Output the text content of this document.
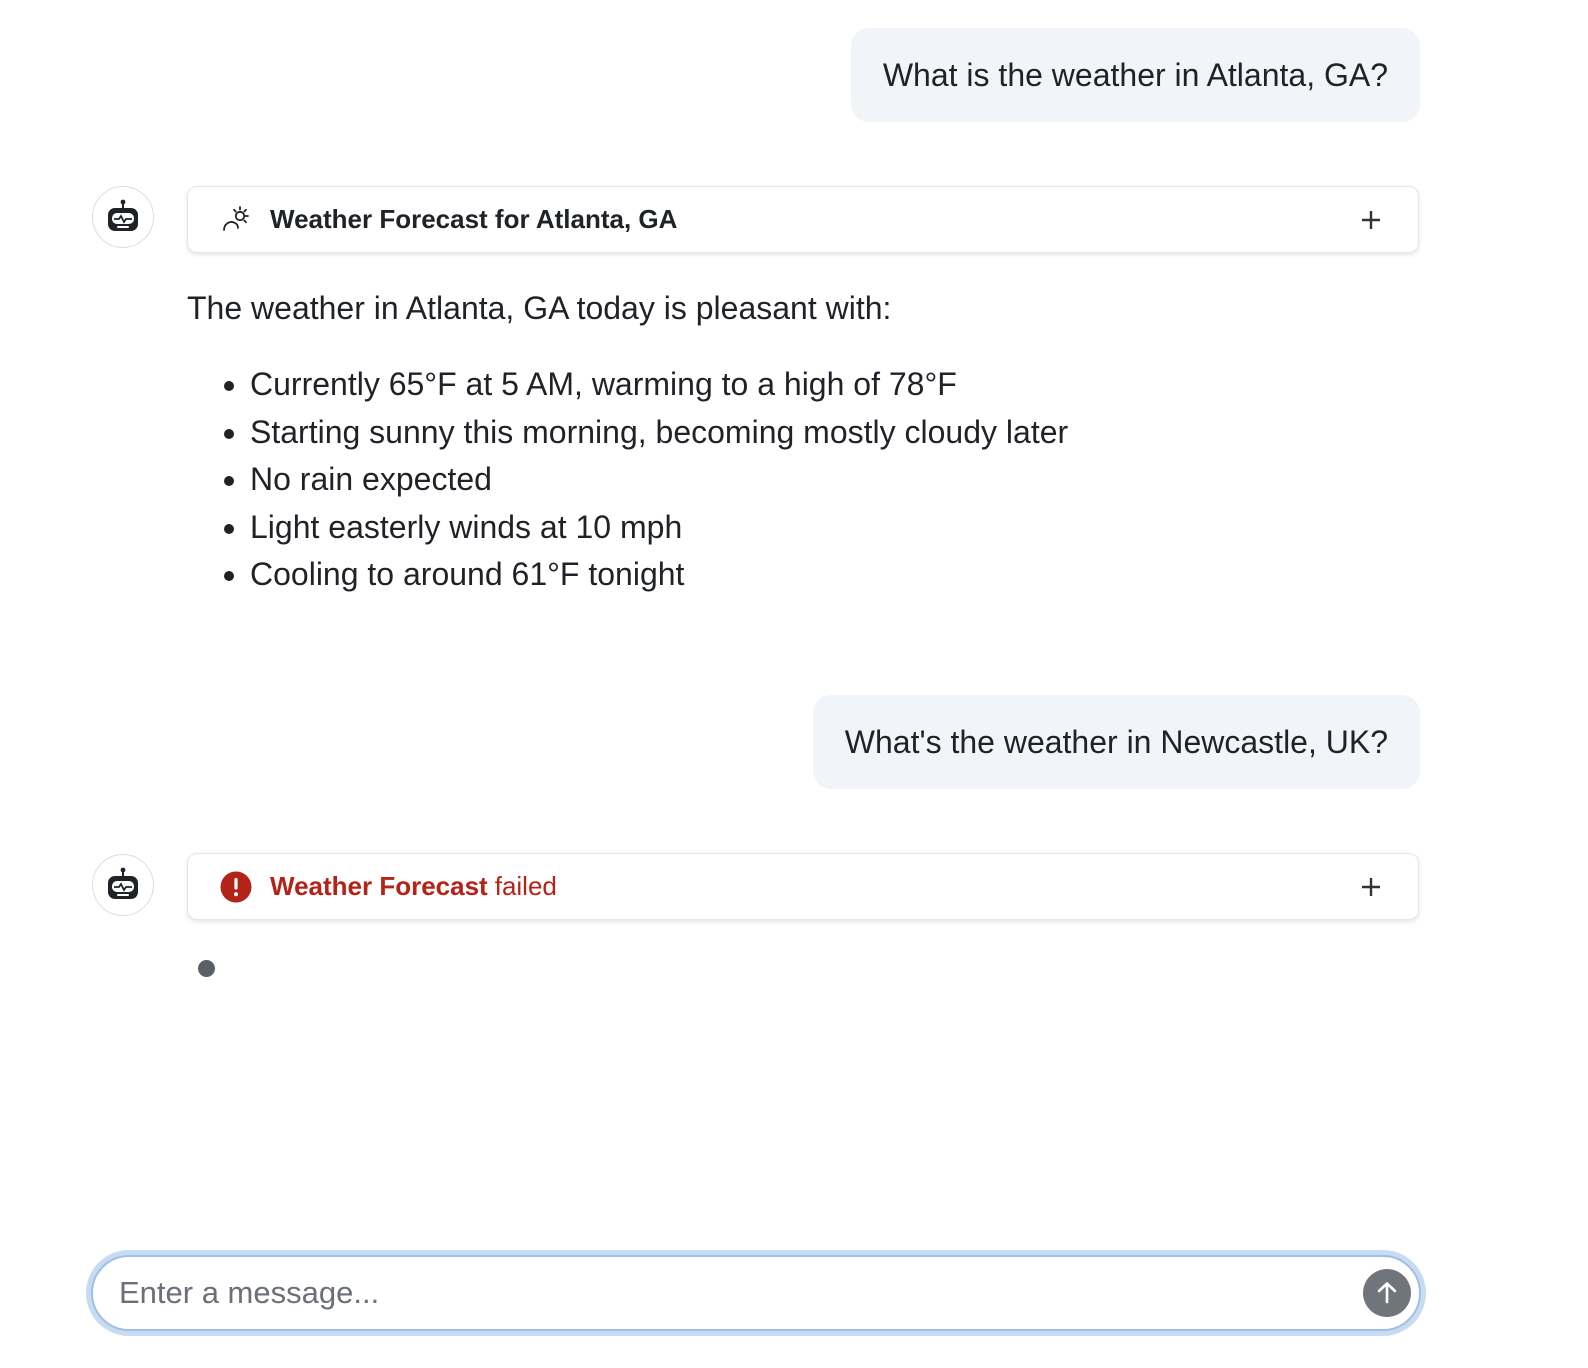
What is the weather in Atlanta, GA?
Weather Forecast for Atlanta, GA

The weather in Atlanta, GA today is pleasant with:

• Currently 65°F at 5 AM, warming to a high of 78°F
• Starting sunny this morning, becoming mostly cloudy later
• No rain expected
• Light easterly winds at 10 mph
• Cooling to around 61°F tonight
What's the weather in Newcastle, UK?
Weather Forecast failed
Enter a message...
